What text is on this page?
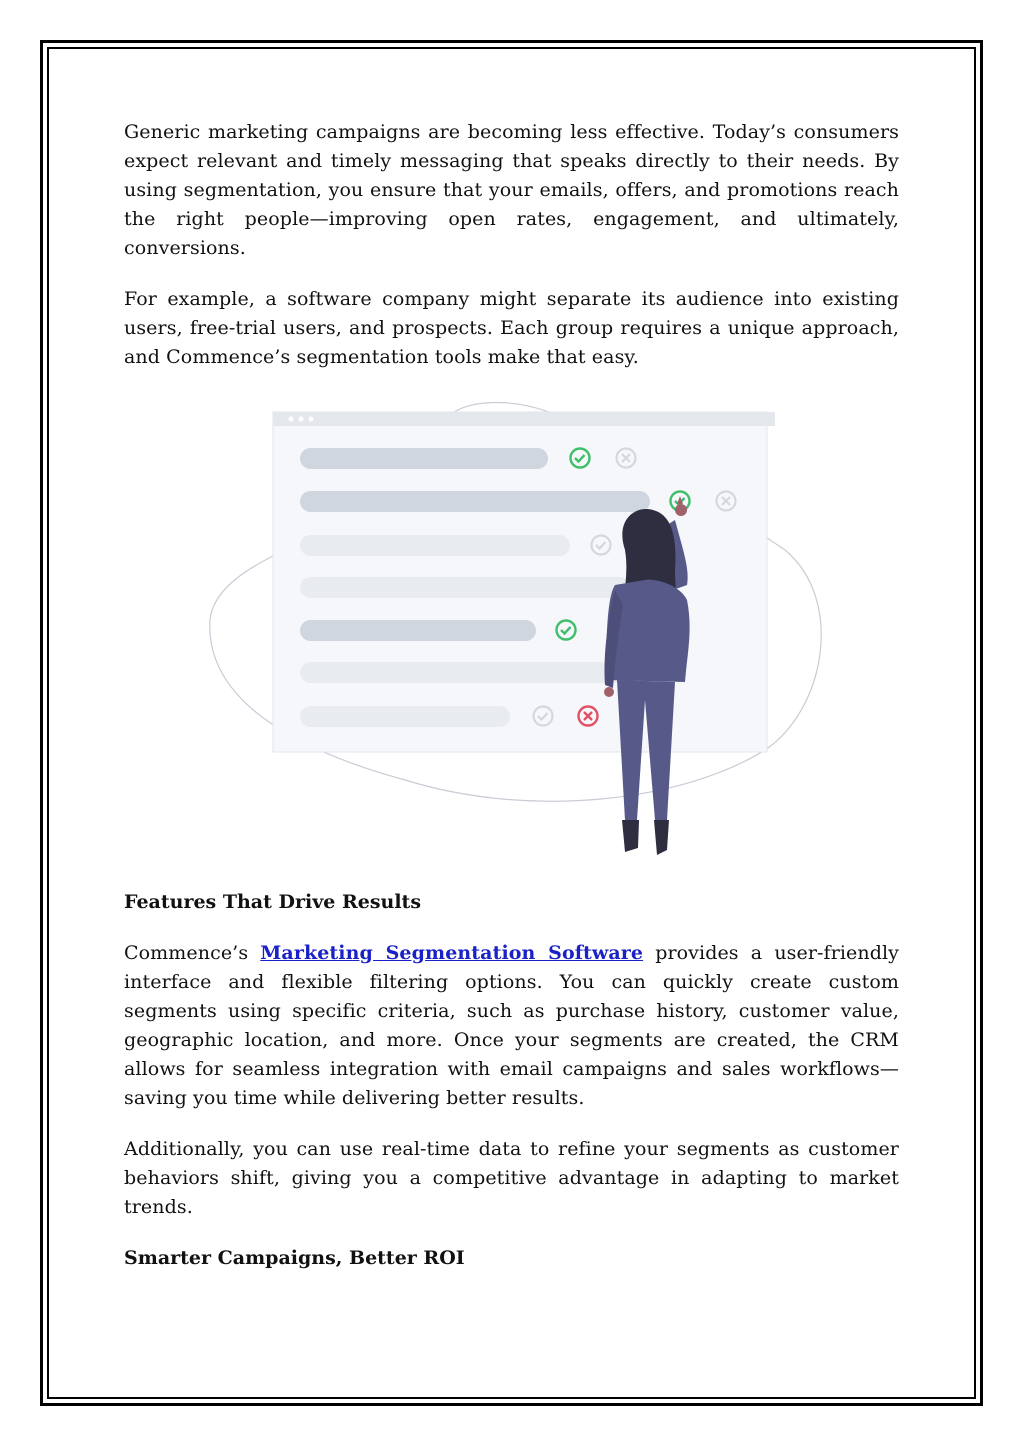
Generic marketing campaigns are becoming less effective. Today’s consumers expect relevant and timely messaging that speaks directly to their needs. By using segmentation, you ensure that your emails, offers, and promotions reach the right people—improving open rates, engagement, and ultimately, conversions.

For example, a software company might separate its audience into existing users, free-trial users, and prospects. Each group requires a unique approach, and Commence’s segmentation tools make that easy.

Features That Drive Results

Commence’s Marketing Segmentation Software provides a user-friendly interface and flexible filtering options. You can quickly create custom segments using specific criteria, such as purchase history, customer value, geographic location, and more. Once your segments are created, the CRM allows for seamless integration with email campaigns and sales workflows—saving you time while delivering better results.

Additionally, you can use real-time data to refine your segments as customer behaviors shift, giving you a competitive advantage in adapting to market trends.

Smarter Campaigns, Better ROI
